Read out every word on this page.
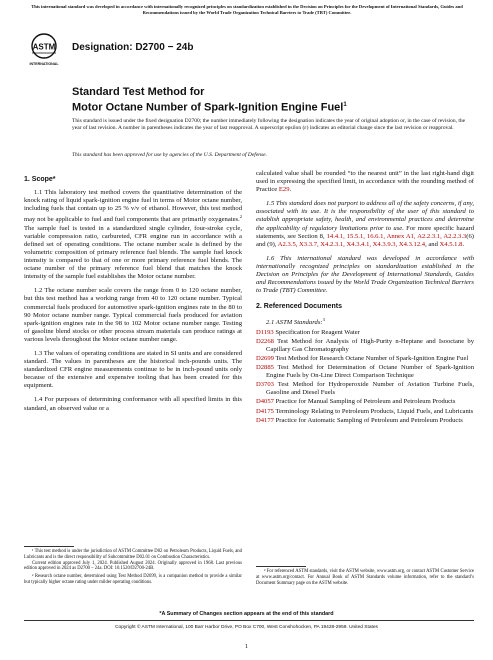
This international standard was developed in accordance with internationally recognized principles on standardization established in the Decision on Principles for the Development of International Standards, Guides and Recommendations issued by the World Trade Organization Technical Barriers to Trade (TBT) Committee.
ASTM
INTERNATIONAL
Designation: D2700 − 24b
Standard Test Method for
Motor Octane Number of Spark-Ignition Engine Fuel$^1$
This standard is issued under the fixed designation D2700; the number immediately following the designation indicates the year of original adoption or, in the case of revision, the year of last revision. A number in parentheses indicates the year of last reapproval. A superscript epsilon (ε) indicates an editorial change since the last revision or reapproval.
This standard has been approved for use by agencies of the U.S. Department of Defense.
1. Scope*
1.1 This laboratory test method covers the quantitative determination of the knock rating of liquid spark-ignition engine fuel in terms of Motor octane number, including fuels that contain up to 25 % v/v of ethanol. However, this test method may not be applicable to fuel and fuel components that are primarily oxygenates.$^2$ The sample fuel is tested in a standardized single cylinder, four-stroke cycle, variable compression ratio, carbureted, CFR engine run in accordance with a defined set of operating conditions. The octane number scale is defined by the volumetric composition of primary reference fuel blends. The sample fuel knock intensity is compared to that of one or more primary reference fuel blends. The octane number of the primary reference fuel blend that matches the knock intensity of the sample fuel establishes the Motor octane number.
1.2 The octane number scale covers the range from 0 to 120 octane number, but this test method has a working range from 40 to 120 octane number. Typical commercial fuels produced for automotive spark-ignition engines rate in the 80 to 90 Motor octane number range. Typical commercial fuels produced for aviation spark-ignition engines rate in the 98 to 102 Motor octane number range. Testing of gasoline blend stocks or other process stream materials can produce ratings at various levels throughout the Motor octane number range.
1.3 The values of operating conditions are stated in SI units and are considered standard. The values in parentheses are the historical inch-pounds units. The standardized CFR engine measurements continue to be in inch-pound units only because of the extensive and expensive tooling that has been created for this equipment.
1.4 For purposes of determining conformance with all specified limits in this standard, an observed value or a
¹ This test method is under the jurisdiction of ASTM Committee D02 on Petroleum Products, Liquid Fuels, and Lubricants and is the direct responsibility of Subcommittee D02.01 on Combustion Characteristics.
Current edition approved July 1, 2024. Published August 2024. Originally approved in 1968. Last previous edition approved in 2024 as D2700 – 24a. DOI: 10.1520/D2700-24B.
² Research octane number, determined using Test Method D2699, is a companion method to provide a similar but typically higher octane rating under milder operating conditions.
calculated value shall be rounded “to the nearest unit” in the last right-hand digit used in expressing the specified limit, in accordance with the rounding method of Practice E29.
1.5 This standard does not purport to address all of the safety concerns, if any, associated with its use. It is the responsibility of the user of this standard to establish appropriate safety, health, and environmental practices and determine the applicability of regulatory limitations prior to use. For more specific hazard statements, see Section 8, 14.4.1, 15.5.1, 16.6.1, Annex A1, A2.2.3.1, A2.2.3.3(6) and (9), A2.3.5, X3.3.7, X4.2.3.1, X4.3.4.1, X4.3.9.3, X4.3.12.4, and X4.5.1.8.
1.6 This international standard was developed in accordance with internationally recognized principles on standardization established in the Decision on Principles for the Development of International Standards, Guides and Recommendations issued by the World Trade Organization Technical Barriers to Trade (TBT) Committee.
2. Referenced Documents
2.1 ASTM Standards:$^3$
D1193 Specification for Reagent Water
D2268 Test Method for Analysis of High-Purity n-Heptane and Isooctane by Capillary Gas Chromatography
D2699 Test Method for Research Octane Number of Spark-Ignition Engine Fuel
D2885 Test Method for Determination of Octane Number of Spark-Ignition Engine Fuels by On-Line Direct Comparison Technique
D3703 Test Method for Hydroperoxide Number of Aviation Turbine Fuels, Gasoline and Diesel Fuels
D4057 Practice for Manual Sampling of Petroleum and Petroleum Products
D4175 Terminology Relating to Petroleum Products, Liquid Fuels, and Lubricants
D4177 Practice for Automatic Sampling of Petroleum and Petroleum Products
³ For referenced ASTM standards, visit the ASTM website, www.astm.org, or contact ASTM Customer Service at www.astm.org/contact. For Annual Book of ASTM Standards volume information, refer to the standard’s Document Summary page on the ASTM website.
*A Summary of Changes section appears at the end of this standard
Copyright © ASTM International, 100 Barr Harbor Drive, PO Box C700, West Conshohocken, PA 19428-2959. United States
1
